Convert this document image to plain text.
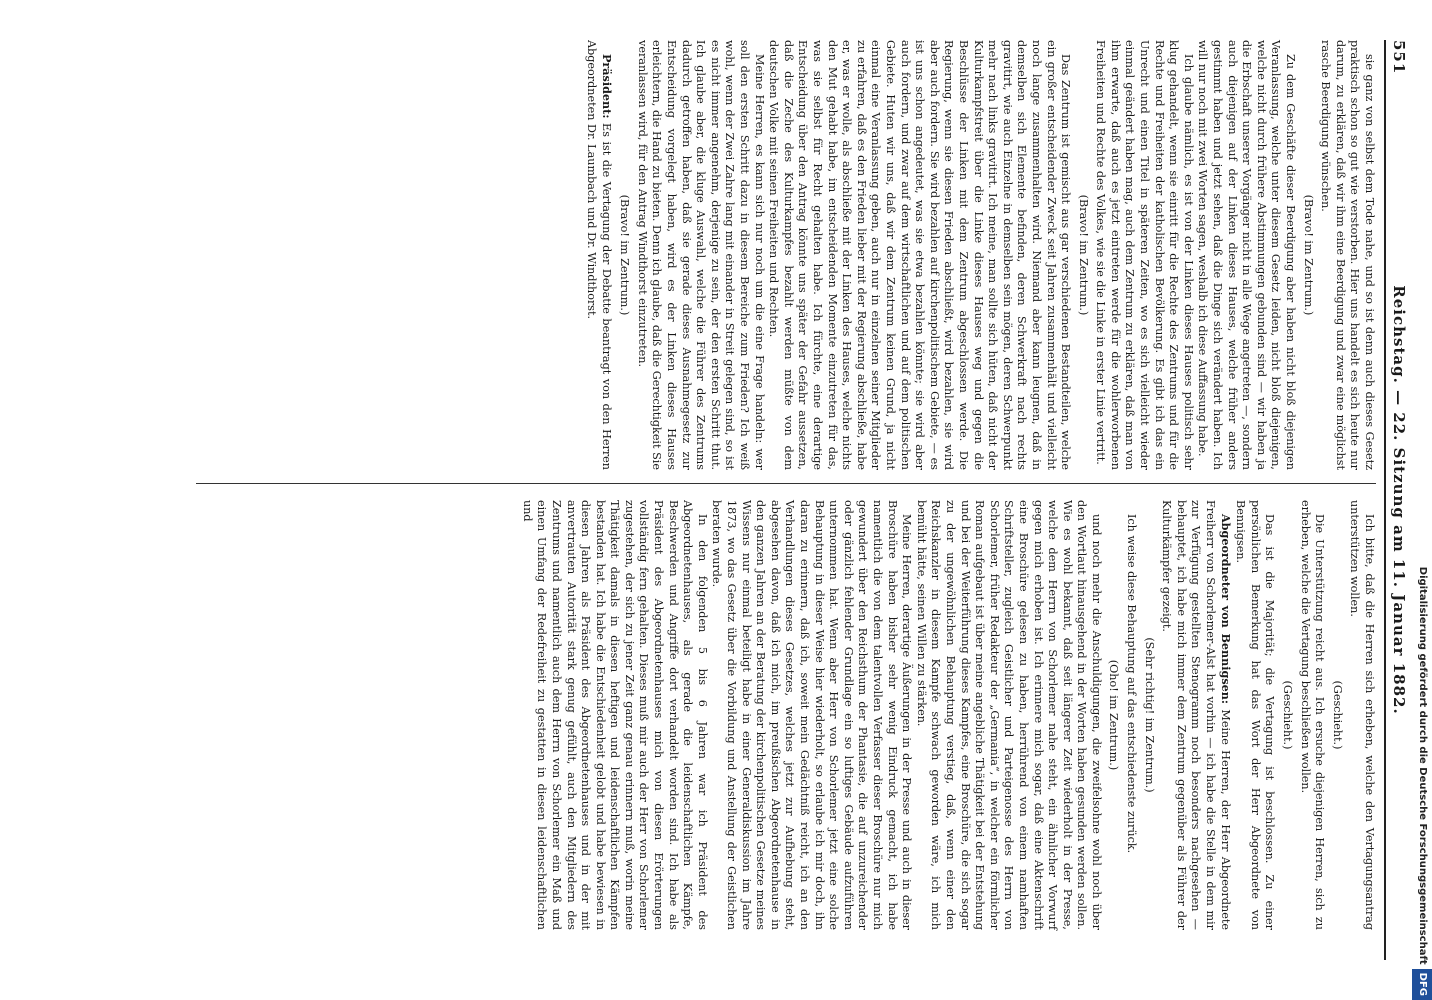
551
Reichstag. — 22. Sitzung am 11. Januar 1882.

sie ganz von selbst dem Tode nahe, und so ist denn auch dieses Gesetz praktisch schon so gut wie verstorben. Hier uns handelt es sich heute nur darum, zu erklären, daß wir ihm eine Beerdigung und zwar eine möglichst rasche Beerdigung wünschen.

(Bravo! im Zentrum.)

Zu dem Geschäfte dieser Beerdigung aber haben nicht bloß diejenigen Veranlassung, welche unter diesem Gesetz leiden, nicht bloß diejenigen, welche nicht durch frühere Abstimmungen gebunden sind — wir haben ja die Erbschaft unserer Vorgänger nicht in alle Wege angetreten —, sondern auch diejenigen auf der Linken dieses Hauses, welche früher anders gestimmt haben und jetzt sehen, daß die Dinge sich verändert haben. Ich will nur noch mit zwei Worten sagen, weshalb ich diese Auffassung habe.

Ich glaube nämlich, es ist von der Linken dieses Hauses politisch sehr klug gehandelt, wenn sie einritt für die Rechte des Zentrums und für die Rechte und Freiheiten der katholischen Bevölkerung. Es gibt ich das ein Unrecht und einen Titel in späteren Zeiten, wo es sich vielleicht wieder einmal geändert haben mag, auch dem Zentrum zu erklären, daß man von ihm erwarte, daß auch es jetzt eintreten werde für die wohlerworbenen Freiheiten und Rechte des Volkes, wie sie die Linke in erster Linie vertritt.

(Bravo! im Zentrum.)

Das Zentrum ist gemischt aus gar verschiedenen Bestandteilen, welche ein großer entscheidender Zweck seit Jahren zusammenhält und vielleicht noch lange zusammenhalten wird. Niemand aber kann leugnen, daß in demselben sich Elemente befinden, deren Schwerkraft nach rechts gravitirt, wie auch Einzelne in demselben sein mögen, deren Schwerpunkt mehr nach links gravitirt. Ich meine, man sollte sich hüten, daß nicht der Kulturkampfstreit über die Linke dieses Hauses weg und gegen die Beschlüsse der Linken mit dem Zentrum abgeschlossen werde. Die Regierung, wenn sie diesen Frieden abschließt, wird bezahlen, sie wird aber auch fordern. Sie wird bezahlen auf kirchenpolitischem Gebiete, — es ist uns schon angedeutet, was sie etwa bezahlen könnte; sie wird aber auch fordern, und zwar auf dem wirtschaftlichen und auf dem politischen Gebiete. Huten wir uns, daß wir dem Zentrum keinen Grund, ja nicht einmal eine Veranlassung geben, auch nur in einzelnen seiner Mitglieder zu erfahren, daß es den Frieden lieber mit der Regierung abschließe, habe er, was er wolle, als abschließe mit der Linken des Hauses, welche nichts den Mut gehabt habe, im entscheidenden Momente einzutreten für das, was sie selbst für Recht gehalten habe. Ich fürchte, eine derartige Entscheidung über den Antrag könnte uns später der Gefahr aussetzen, daß die Zeche des Kulturkampfes bezahlt werden müßte von dem deutschen Volke mit seinen Freiheiten und Rechten.

Meine Herren, es kann sich nur noch um die eine Frage handeln: wer soll den ersten Schritt dazu in diesem Bereiche zum Frieden? Ich weiß wohl, wenn der Zwei Zahre lang mit einander in Streit gelegen sind, so ist es nicht immer angenehm, derjenige zu sein, der den ersten Schritt thut. Ich glaube aber, die kluge Auswahl, welche die Führer des Zentrums dadurch getroffen haben, daß sie gerade dieses Ausnahmegesetz zur Entscheidung vorgelegt haben, wird es der Linken dieses Hauses erleichtern, die Hand zu bieten. Denn ich glaube, daß die Gerechtigkeit Sie veranlassen wird, für den Antrag Windthorst einzutreten.

(Bravo! im Zentrum.)

Präsident: Es ist die Vertagung der Debatte beantragt von den Herren Abgeordneten Dr. Laumbach und Dr. Windthorst.

Ich bitte, daß die Herren sich erheben, welche den Vertagungsantrag unterstützen wollen.

(Geschieht.)

Die Unterstützung reicht aus. Ich ersuche diejenigen Herren, sich zu erheben, welche die Vertagung beschließen wollen.

(Geschieht.)

Das ist die Majorität; die Vertagung ist beschlossen. Zu einer persönlichen Bemerkung hat das Wort der Herr Abgeordnete von Bennigsen.

Abgeordneter von Bennigsen: Meine Herren, der Herr Abgeordnete Freiherr von Schorlemer-Alst hat vorhin — ich habe die Stelle in dem mir zur Verfügung gestellten Stenogramm noch besonders nachgesehen — behauptet, ich habe mich immer dem Zentrum gegenüber als Führer der Kulturkämpfer gezeigt.

(Sehr richtig! im Zentrum.)

Ich weise diese Behauptung auf das entschiedenste zurück.

(Oho! im Zentrum.)

und noch mehr die Anschuldigungen, die zweifelsohne wohl noch über den Wortlaut hinausgehend in der Worten haben gesunden werden sollen. Wie es wohl bekannt, daß seit längerer Zeit wiederholt in der Presse, welche dem Herrn von Schorlemer nahe steht, ein ähnlicher Vorwurf gegen mich erhoben ist. Ich erinnere mich sogar, daß eine Aktenschrift eine Broschüre gelesen zu haben, herrührend von einem namhaften Schriftsteller, zugleich Geistlicher und Parteigenosse des Herrn von Schorlemer, früher Redakteur der „Germania“, in welcher ein förmlicher Roman aufgebaut ist über meine angebliche Thätigkeit bei der Entstehung und bei der Weiterführung dieses Kampfes, eine Broschüre, die sich sogar zu der ungewöhnlichen Behauptung verstieg, daß, wenn einer den Reichskanzler in diesem Kampfe schwach geworden wäre, ich mich bemüht hätte, seinen Willen zu stärken.

Meine Herren, derartige Äußerungen in der Presse und auch in dieser Broschüre haben bisher sehr wenig Eindruck gemacht, ich habe namentlich die von dem talentvollen Verfasser dieser Broschüre nur mich gewundert über den Reichsthum der Phantasie, die auf unzureichender oder gänzlich fehlender Grundlage ein so luftiges Gebäude aufzuführen unternommen hat. Wenn aber Herr von Schorlemer jetzt eine solche Behauptung in dieser Weise hier wiederholt, so erlaube ich mir doch, ihn daran zu erinnern, daß ich, soweit mein Gedächtniß reicht, ich an den Verhandlungen dieses Gesetzes, welches jetzt zur Aufhebung steht, abgesehen davon, daß ich mich, im preußischen Abgeordnetenhause in den ganzen Jahren an der Beratung der kirchenpolitischen Gesetze meines Wissens nur einmal beteiligt habe in einer Generaldiskussion im Jahre 1873, wo das Gesetz über die Vorbildung und Anstellung der Geistlichen beraten wurde.

In den folgenden 5 bis 6 Jahren war ich Präsident des Abgeordnetenhauses, als gerade die leidenschaftlichen Kämpfe, Beschwerden und Angriffe dort verhandelt worden sind. Ich habe als Präsident des Abgeordnetenhauses mich von diesen Erörterungen vollständig fern gehalten. Dieses muß mir auch der Herr von Schorlemer zugestehen, der sich zu jener Zeit ganz genau erinnern muß, worin meine Thätigkeit damals in diesen heftigen und leidenschaftlichen Kämpfen bestanden hat. Ich habe die Entschiedenheit gelobt und habe bewiesen in diesen Jahren als Präsident des Abgeordnetenhauses und in der mit anvertrauten Autorität stark genug gefühlt, auch den Mitgliedern des Zentrums und namentlich auch dem Herrn von Schorlemer ein Maß und einen Umfang der Redefreiheit zu gestatten in diesen leidenschaftlichen und

Digitalisierung gefördert durch die Deutsche ForschungsgemeinschaftDFG
